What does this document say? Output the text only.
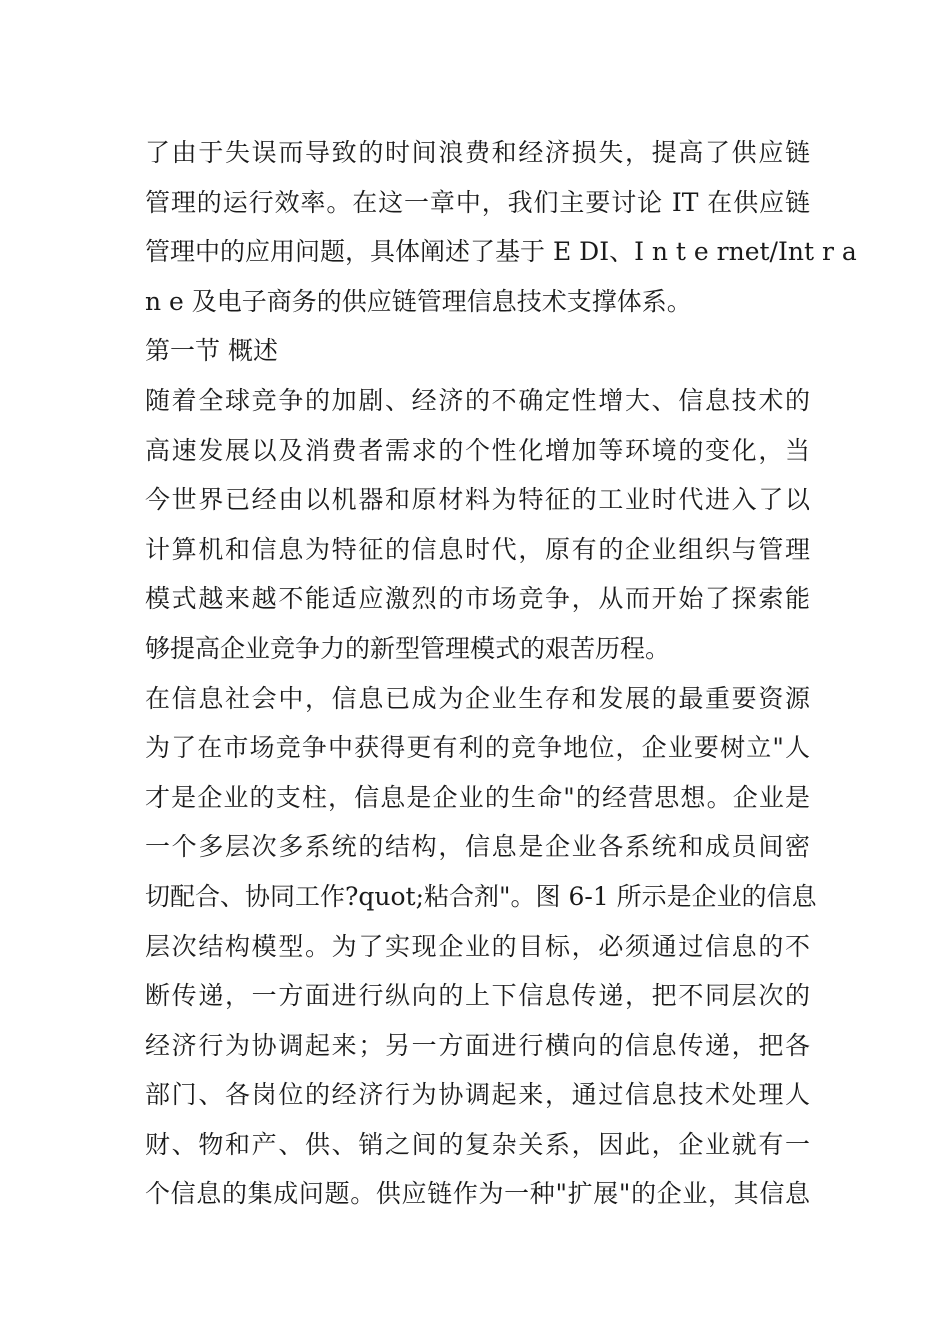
了由于失误而导致的时间浪费和经济损失，提高了供应链
管理的运行效率。在这一章中，我们主要讨论 IT 在供应链
管理中的应用问题，具体阐述了基于 E DI、I n t e rnet/Int r a
n e 及电子商务的供应链管理信息技术支撑体系。
第一节 概述
随着全球竞争的加剧、经济的不确定性增大、信息技术的
高速发展以及消费者需求的个性化增加等环境的变化，当
今世界已经由以机器和原材料为特征的工业时代进入了以
计算机和信息为特征的信息时代，原有的企业组织与管理
模式越来越不能适应激烈的市场竞争，从而开始了探索能
够提高企业竞争力的新型管理模式的艰苦历程。
在信息社会中，信息已成为企业生存和发展的最重要资源
为了在市场竞争中获得更有利的竞争地位，企业要树立"人
才是企业的支柱，信息是企业的生命"的经营思想。企业是
一个多层次多系统的结构，信息是企业各系统和成员间密
切配合、协同工作?quot;粘合剂"。图 6-1 所示是企业的信息
层次结构模型。为了实现企业的目标，必须通过信息的不
断传递，一方面进行纵向的上下信息传递，把不同层次的
经济行为协调起来；另一方面进行横向的信息传递，把各
部门、各岗位的经济行为协调起来，通过信息技术处理人
财、物和产、供、销之间的复杂关系，因此，企业就有一
个信息的集成问题。供应链作为一种"扩展"的企业，其信息
